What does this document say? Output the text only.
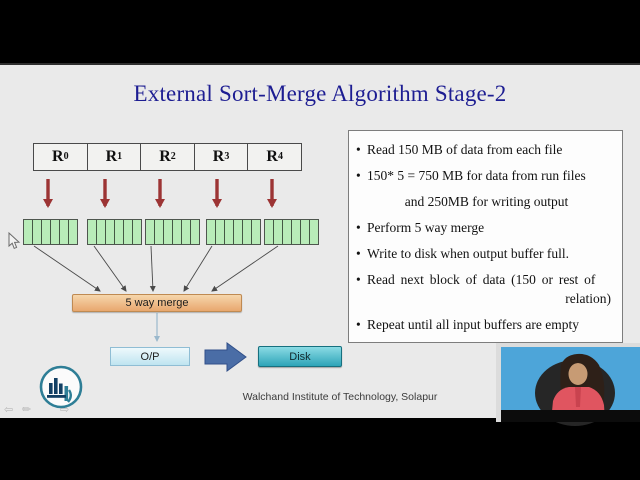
External Sort-Merge Algorithm Stage-2
R 0 R 1 R 2 R 3 R 4
5 way merge
O/P	Disk
• Read 150 MB of data from each file
• 150* 5 = 750 MB for data from run files
and 250MB for writing output
• Perform 5 way merge
• Write to disk when output buffer full.
• Read next block of data (150 or rest of
relation)
• Repeat until all input buffers are empty
Walchand Institute of Technology, Solapur
⇦ ✏	⇨
